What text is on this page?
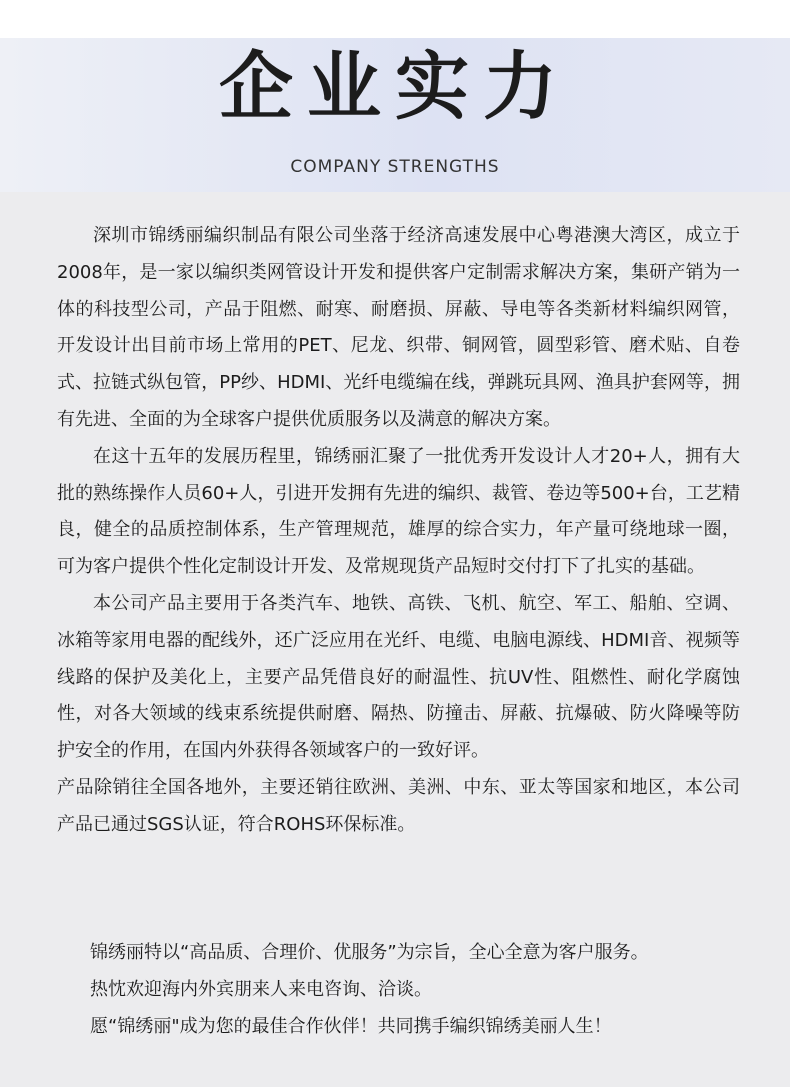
企业实力
COMPANY STRENGTHS

深圳市锦绣丽编织制品有限公司坐落于经济高速发展中心粤港澳大湾区，成立于2008年，是一家以编织类网管设计开发和提供客户定制需求解决方案，集研产销为一体的科技型公司，产品于阻燃、耐寒、耐磨损、屏蔽、导电等各类新材料编织网管，开发设计出目前市场上常用的PET、尼龙、织带、铜网管，圆型彩管、磨术贴、自卷式、拉链式纵包管，PP纱、HDMI、光纤电缆编在线，弹跳玩具网、渔具护套网等，拥有先进、全面的为全球客户提供优质服务以及满意的解决方案。

在这十五年的发展历程里，锦绣丽汇聚了一批优秀开发设计人才20+人，拥有大批的熟练操作人员60+人，引进开发拥有先进的编织、裁管、卷边等500+台，工艺精良，健全的品质控制体系，生产管理规范，雄厚的综合实力，年产量可绕地球一圈，可为客户提供个性化定制设计开发、及常规现货产品短时交付打下了扎实的基础。

本公司产品主要用于各类汽车、地铁、高铁、飞机、航空、军工、船舶、空调、冰箱等家用电器的配线外，还广泛应用在光纤、电缆、电脑电源线、HDMI音、视频等线路的保护及美化上，主要产品凭借良好的耐温性、抗UV性、阻燃性、耐化学腐蚀性，对各大领域的线束系统提供耐磨、隔热、防撞击、屏蔽、抗爆破、防火降噪等防护安全的作用，在国内外获得各领域客户的一致好评。

产品除销往全国各地外，主要还销往欧洲、美洲、中东、亚太等国家和地区，本公司产品已通过SGS认证，符合ROHS环保标准。

锦绣丽特以“高品质、合理价、优服务”为宗旨，全心全意为客户服务。

热忱欢迎海内外宾朋来人来电咨询、洽谈。

愿“锦绣丽"成为您的最佳合作伙伴！共同携手编织锦绣美丽人生！
